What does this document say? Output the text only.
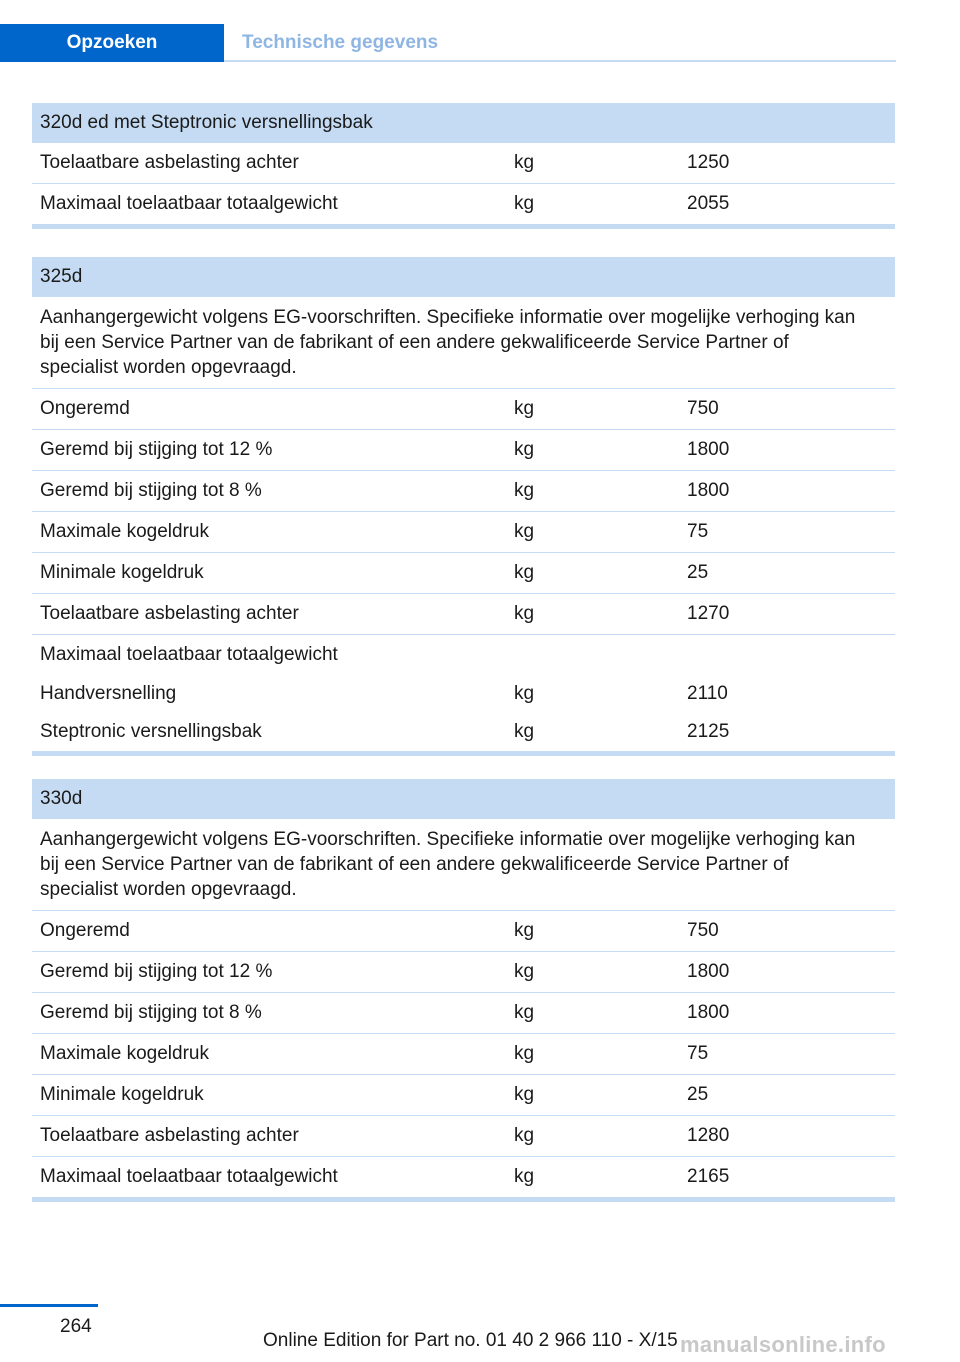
Opzoeken	Technische gegevens
320d ed met Steptronic versnellingsbak
Toelaatbare asbelasting achter	kg	1250
Maximaal toelaatbaar totaalgewicht	kg	2055
325d
Aanhangergewicht volgens EG-voorschriften. Specifieke informatie over mogelijke verhoging kan bij een Service Partner van de fabrikant of een andere gekwalificeerde Service Partner of specialist worden opgevraagd.
Ongeremd	kg	750
Geremd bij stijging tot 12 %	kg	1800
Geremd bij stijging tot 8 %	kg	1800
Maximale kogeldruk	kg	75
Minimale kogeldruk	kg	25
Toelaatbare asbelasting achter	kg	1270
Maximaal toelaatbaar totaalgewicht
Handversnelling	kg	2110
Steptronic versnellingsbak	kg	2125
330d
Aanhangergewicht volgens EG-voorschriften. Specifieke informatie over mogelijke verhoging kan bij een Service Partner van de fabrikant of een andere gekwalificeerde Service Partner of specialist worden opgevraagd.
Ongeremd	kg	750
Geremd bij stijging tot 12 %	kg	1800
Geremd bij stijging tot 8 %	kg	1800
Maximale kogeldruk	kg	75
Minimale kogeldruk	kg	25
Toelaatbare asbelasting achter	kg	1280
Maximaal toelaatbaar totaalgewicht	kg	2165
264
Online Edition for Part no. 01 40 2 966 110 - X/15 manualsonline.info
